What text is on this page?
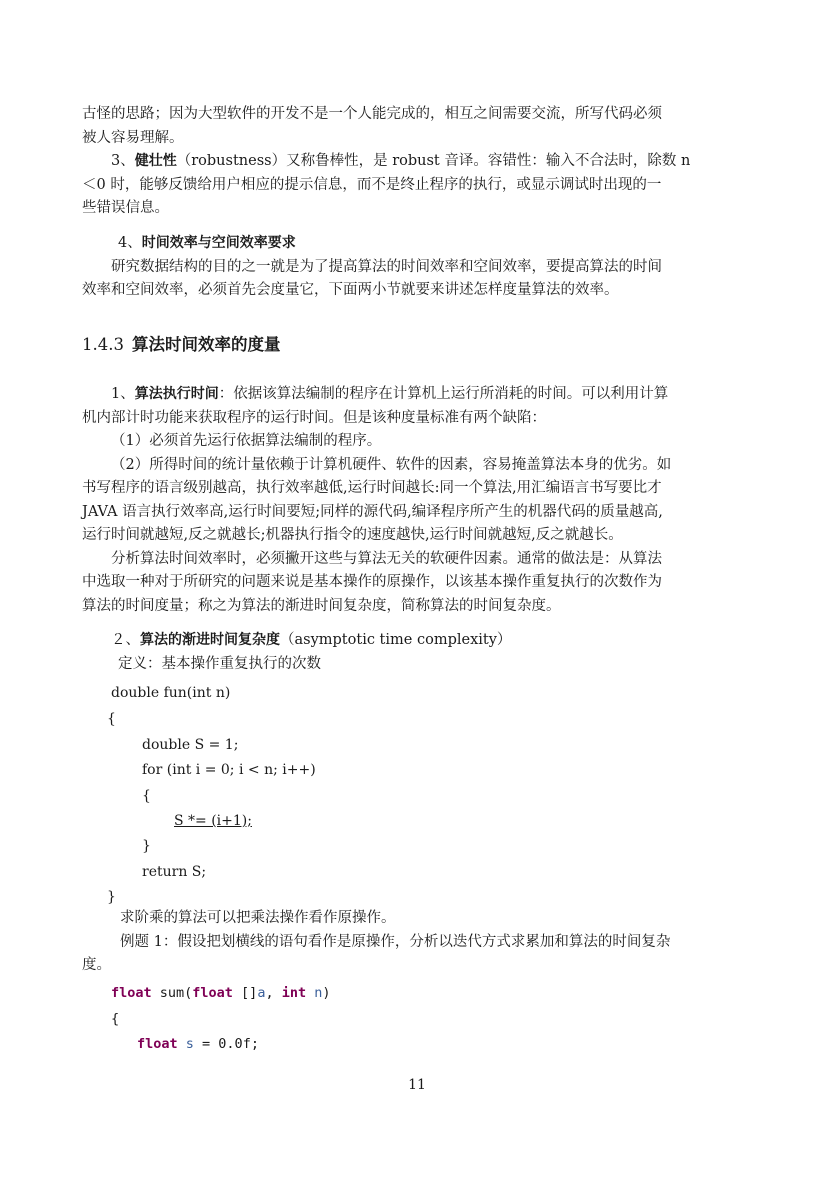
古怪的思路；因为大型软件的开发不是一个人能完成的，相互之间需要交流，所写代码必须
被人容易理解。
3、健壮性（robustness）又称鲁棒性，是 robust 音译。容错性：输入不合法时，除数 n
＜0 时，能够反馈给用户相应的提示信息，而不是终止程序的执行，或显示调试时出现的一
些错误信息。
4、时间效率与空间效率要求
研究数据结构的目的之一就是为了提高算法的时间效率和空间效率，要提高算法的时间
效率和空间效率，必须首先会度量它，下面两小节就要来讲述怎样度量算法的效率。
1.4.3 算法时间效率的度量
1、算法执行时间：依据该算法编制的程序在计算机上运行所消耗的时间。可以利用计算
机内部计时功能来获取程序的运行时间。但是该种度量标准有两个缺陷：
（1）必须首先运行依据算法编制的程序。
（2）所得时间的统计量依赖于计算机硬件、软件的因素，容易掩盖算法本身的优劣。如
书写程序的语言级别越高，执行效率越低,运行时间越长:同一个算法,用汇编语言书写要比才
JAVA 语言执行效率高,运行时间要短;同样的源代码,编译程序所产生的机器代码的质量越高,
运行时间就越短,反之就越长;机器执行指令的速度越快,运行时间就越短,反之就越长。
分析算法时间效率时，必须撇开这些与算法无关的软硬件因素。通常的做法是：从算法
中选取一种对于所研究的问题来说是基本操作的原操作，以该基本操作重复执行的次数作为
算法的时间度量；称之为算法的渐进时间复杂度，简称算法的时间复杂度。
２、算法的渐进时间复杂度（asymptotic time complexity）
定义：基本操作重复执行的次数
double fun(int n)
{
double S = 1;
for (int i = 0; i < n; i++)
{
S *= (i+1);
}
return S;
}
求阶乘的算法可以把乘法操作看作原操作。
例题 1：假设把划横线的语句看作是原操作，分析以迭代方式求累加和算法的时间复杂
度。
float sum(float []a, int n)
{
float s = 0.0f;
11
